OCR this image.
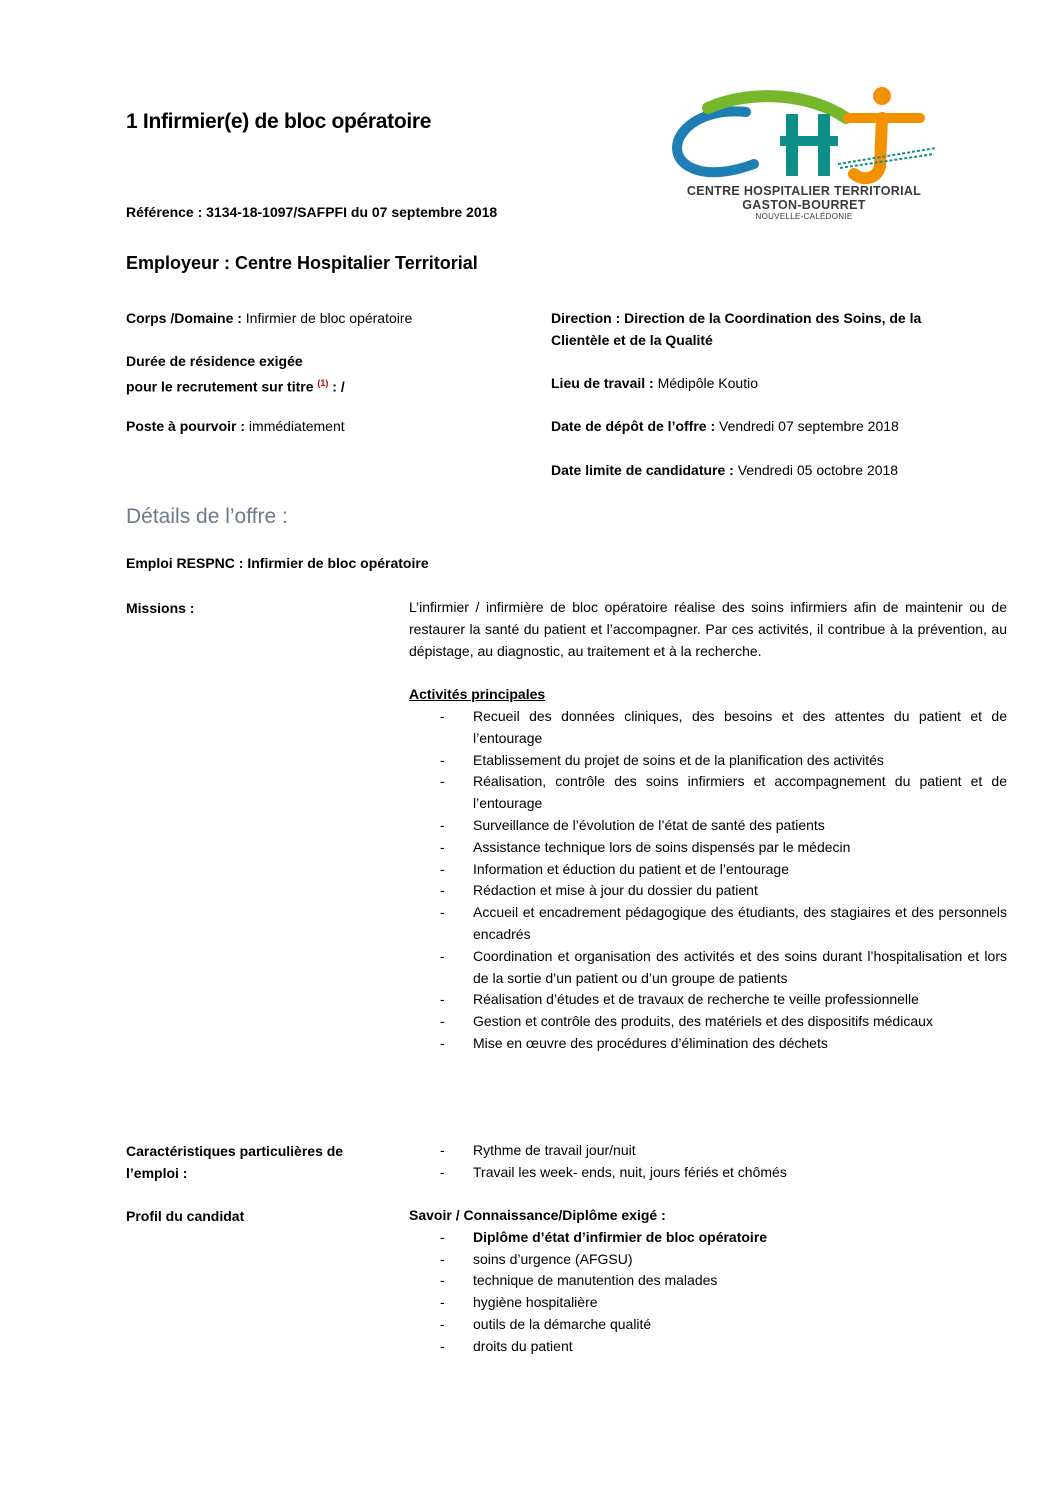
1 Infirmier(e) de bloc opératoire
CENTRE HOSPITALIER TERRITORIAL
GASTON-BOURRET
NOUVELLE-CALÉDONIE
Référence : 3134-18-1097/SAFPFI du 07 septembre 2018
Employeur : Centre Hospitalier Territorial
Corps /Domaine : Infirmier de bloc opératoire
Durée de résidence exigée
pour le recrutement sur titre $^{(1)}$ : /
Poste à pourvoir : immédiatement
Direction : Direction de la Coordination des Soins, de la Clientèle et de la Qualité
Lieu de travail : Médipôle Koutio
Date de dépôt de l’offre : Vendredi 07 septembre 2018
Date limite de candidature : Vendredi 05 octobre 2018
Détails de l’offre :
Emploi RESPNC : Infirmier de bloc opératoire
Missions :	L’infirmier / infirmière de bloc opératoire réalise des soins infirmiers afin de maintenir ou de restaurer la santé du patient et l’accompagner. Par ces activités, il contribue à la prévention, au dépistage, au diagnostic, au traitement et à la recherche.
Activités principales
- Recueil des données cliniques, des besoins et des attentes du patient et de l’entourage
- Etablissement du projet de soins et de la planification des activités
- Réalisation, contrôle des soins infirmiers et accompagnement du patient et de l’entourage
- Surveillance de l’évolution de l’état de santé des patients
- Assistance technique lors de soins dispensés par le médecin
- Information et éduction du patient et de l’entourage
- Rédaction et mise à jour du dossier du patient
- Accueil et encadrement pédagogique des étudiants, des stagiaires et des personnels encadrés
- Coordination et organisation des activités et des soins durant l’hospitalisation et lors de la sortie d’un patient ou d’un groupe de patients
- Réalisation d’études et de travaux de recherche te veille professionnelle
- Gestion et contrôle des produits, des matériels et des dispositifs médicaux
- Mise en œuvre des procédures d’élimination des déchets
Caractéristiques particulières de
l’emploi :
- Rythme de travail jour/nuit
- Travail les week- ends, nuit, jours fériés et chômés
Profil du candidat	Savoir / Connaissance/Diplôme exigé :
- Diplôme d’état d’infirmier de bloc opératoire
- soins d’urgence (AFGSU)
- technique de manutention des malades
- hygiène hospitalière
- outils de la démarche qualité
- droits du patient
